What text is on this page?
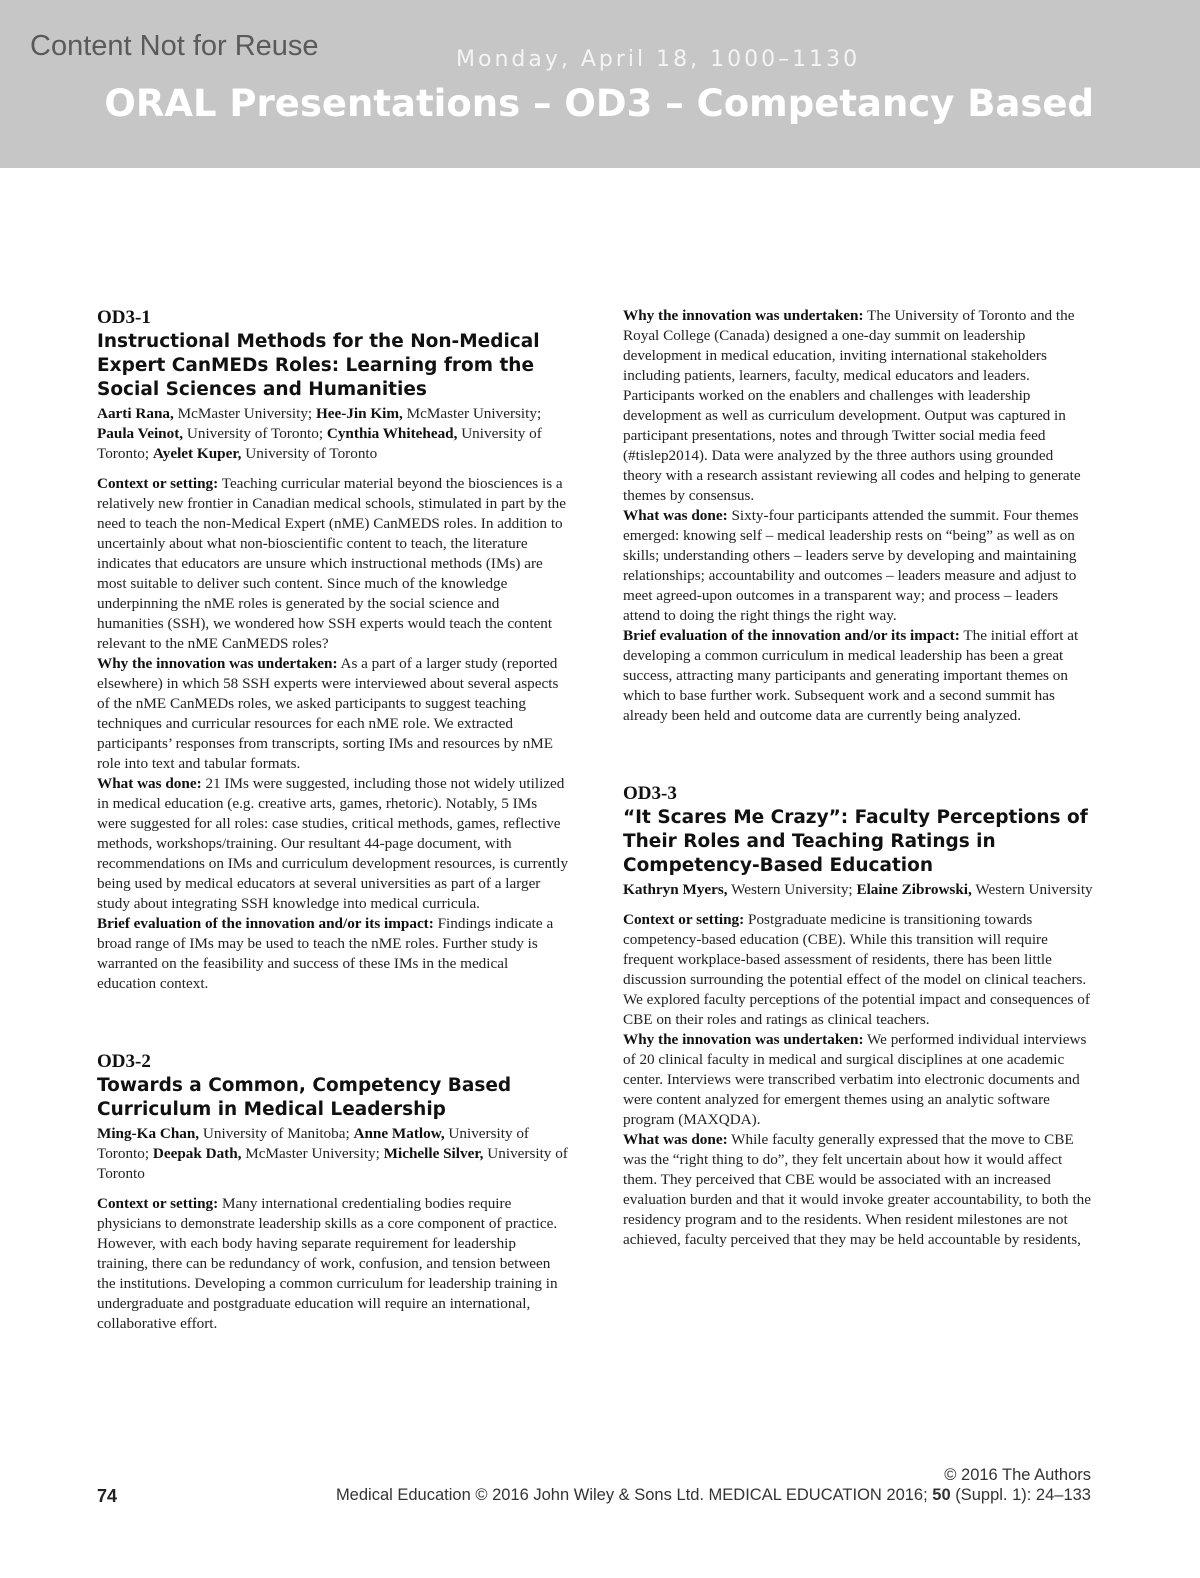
Content Not for Reuse	Monday, April 18, 1000–1130
ORAL Presentations – OD3 – Competancy Based
OD3-1
Instructional Methods for the Non-Medical Expert CanMEDs Roles: Learning from the Social Sciences and Humanities
Aarti Rana, McMaster University; Hee-Jin Kim, McMaster University; Paula Veinot, University of Toronto; Cynthia Whitehead, University of Toronto; Ayelet Kuper, University of Toronto

Context or setting: Teaching curricular material beyond the biosciences is a relatively new frontier in Canadian medical schools, stimulated in part by the need to teach the non-Medical Expert (nME) CanMEDS roles. In addition to uncertainly about what non-bioscientific content to teach, the literature indicates that educators are unsure which instructional methods (IMs) are most suitable to deliver such content. Since much of the knowledge underpinning the nME roles is generated by the social science and humanities (SSH), we wondered how SSH experts would teach the content relevant to the nME CanMEDS roles?

Why the innovation was undertaken: As a part of a larger study (reported elsewhere) in which 58 SSH experts were interviewed about several aspects of the nME CanMEDs roles, we asked participants to suggest teaching techniques and curricular resources for each nME role. We extracted participants’ responses from transcripts, sorting IMs and resources by nME role into text and tabular formats.

What was done: 21 IMs were suggested, including those not widely utilized in medical education (e.g. creative arts, games, rhetoric). Notably, 5 IMs were suggested for all roles: case studies, critical methods, games, reflective methods, workshops/training. Our resultant 44-page document, with recommendations on IMs and curriculum development resources, is currently being used by medical educators at several universities as part of a larger study about integrating SSH knowledge into medical curricula.

Brief evaluation of the innovation and/or its impact: Findings indicate a broad range of IMs may be used to teach the nME roles. Further study is warranted on the feasibility and success of these IMs in the medical education context.

OD3-2
Towards a Common, Competency Based Curriculum in Medical Leadership
Ming-Ka Chan, University of Manitoba; Anne Matlow, University of Toronto; Deepak Dath, McMaster University; Michelle Silver, University of Toronto

Context or setting: Many international credentialing bodies require physicians to demonstrate leadership skills as a core component of practice. However, with each body having separate requirement for leadership training, there can be redundancy of work, confusion, and tension between the institutions. Developing a common curriculum for leadership training in undergraduate and postgraduate education will require an international, collaborative effort.

Why the innovation was undertaken: The University of Toronto and the Royal College (Canada) designed a one-day summit on leadership development in medical education, inviting international stakeholders including patients, learners, faculty, medical educators and leaders. Participants worked on the enablers and challenges with leadership development as well as curriculum development. Output was captured in participant presentations, notes and through Twitter social media feed (#tislep2014). Data were analyzed by the three authors using grounded theory with a research assistant reviewing all codes and helping to generate themes by consensus.

What was done: Sixty-four participants attended the summit. Four themes emerged: knowing self – medical leadership rests on “being” as well as on skills; understanding others – leaders serve by developing and maintaining relationships; accountability and outcomes – leaders measure and adjust to meet agreed-upon outcomes in a transparent way; and process – leaders attend to doing the right things the right way.

Brief evaluation of the innovation and/or its impact: The initial effort at developing a common curriculum in medical leadership has been a great success, attracting many participants and generating important themes on which to base further work. Subsequent work and a second summit has already been held and outcome data are currently being analyzed.

OD3-3
“It Scares Me Crazy”: Faculty Perceptions of Their Roles and Teaching Ratings in Competency-Based Education
Kathryn Myers, Western University; Elaine Zibrowski, Western University

Context or setting: Postgraduate medicine is transitioning towards competency-based education (CBE). While this transition will require frequent workplace-based assessment of residents, there has been little discussion surrounding the potential effect of the model on clinical teachers. We explored faculty perceptions of the potential impact and consequences of CBE on their roles and ratings as clinical teachers.

Why the innovation was undertaken: We performed individual interviews of 20 clinical faculty in medical and surgical disciplines at one academic center. Interviews were transcribed verbatim into electronic documents and were content analyzed for emergent themes using an analytic software program (MAXQDA).

What was done: While faculty generally expressed that the move to CBE was the “right thing to do”, they felt uncertain about how it would affect them. They perceived that CBE would be associated with an increased evaluation burden and that it would invoke greater accountability, to both the residency program and to the residents. When resident milestones are not achieved, faculty perceived that they may be held accountable by residents,

74
© 2016 The Authors
Medical Education © 2016 John Wiley & Sons Ltd. MEDICAL EDUCATION 2016; 50 (Suppl. 1): 24–133
